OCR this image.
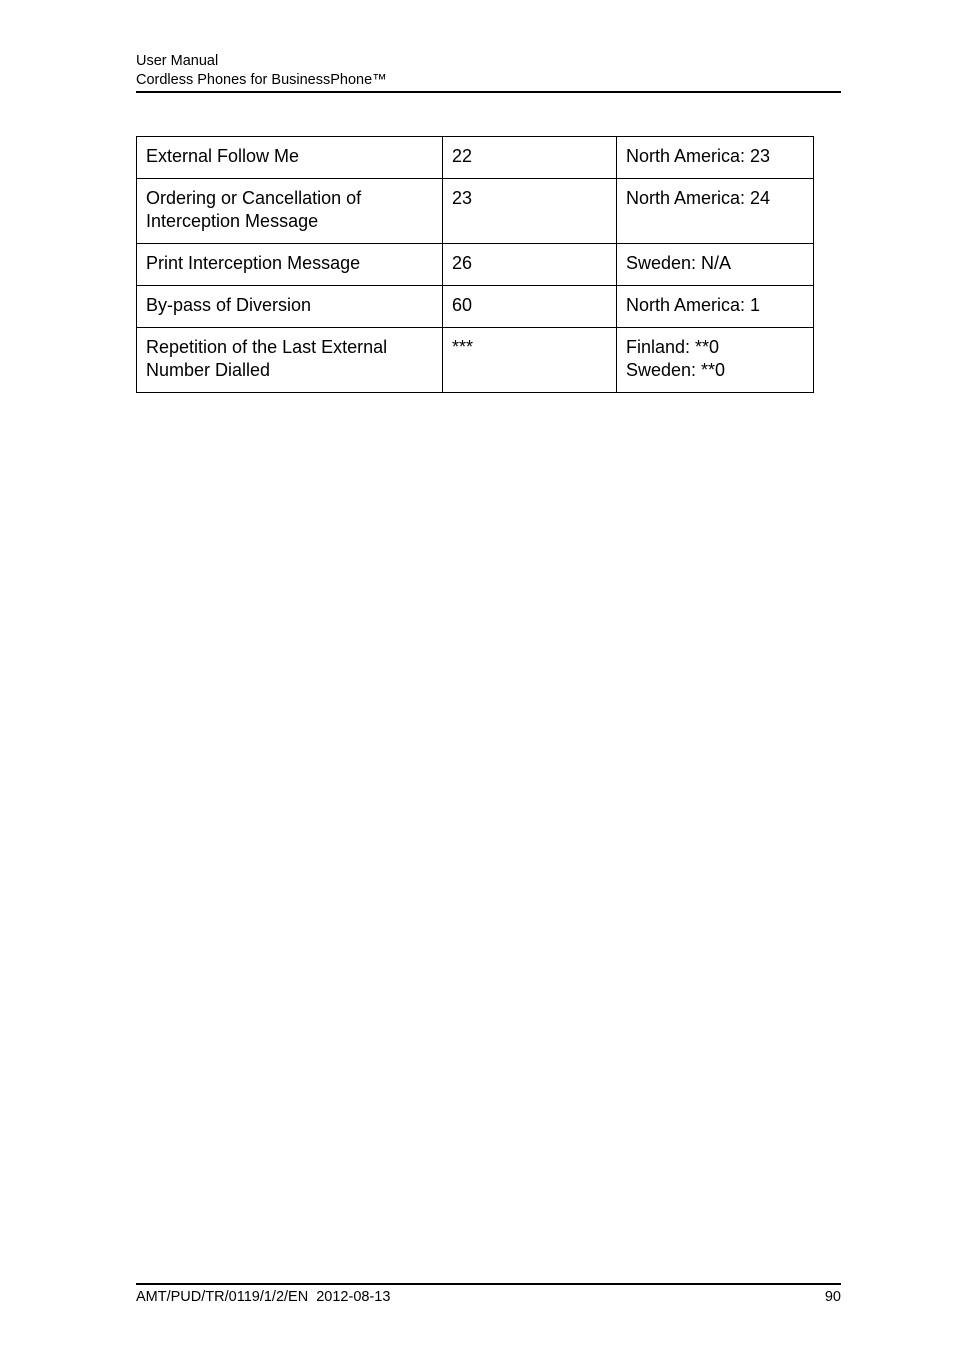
User Manual
Cordless Phones for BusinessPhone™
External Follow Me	22	North America: 23

Ordering or Cancellation of
Interception Message	23	North America: 24

Print Interception Message	26	Sweden: N/A

By-pass of Diversion	60	North America: 1

Repetition of the Last External
Number Dialled	***	Finland: **0
Sweden: **0
AMT/PUD/TR/0119/1/2/EN  2012-08-13	90
